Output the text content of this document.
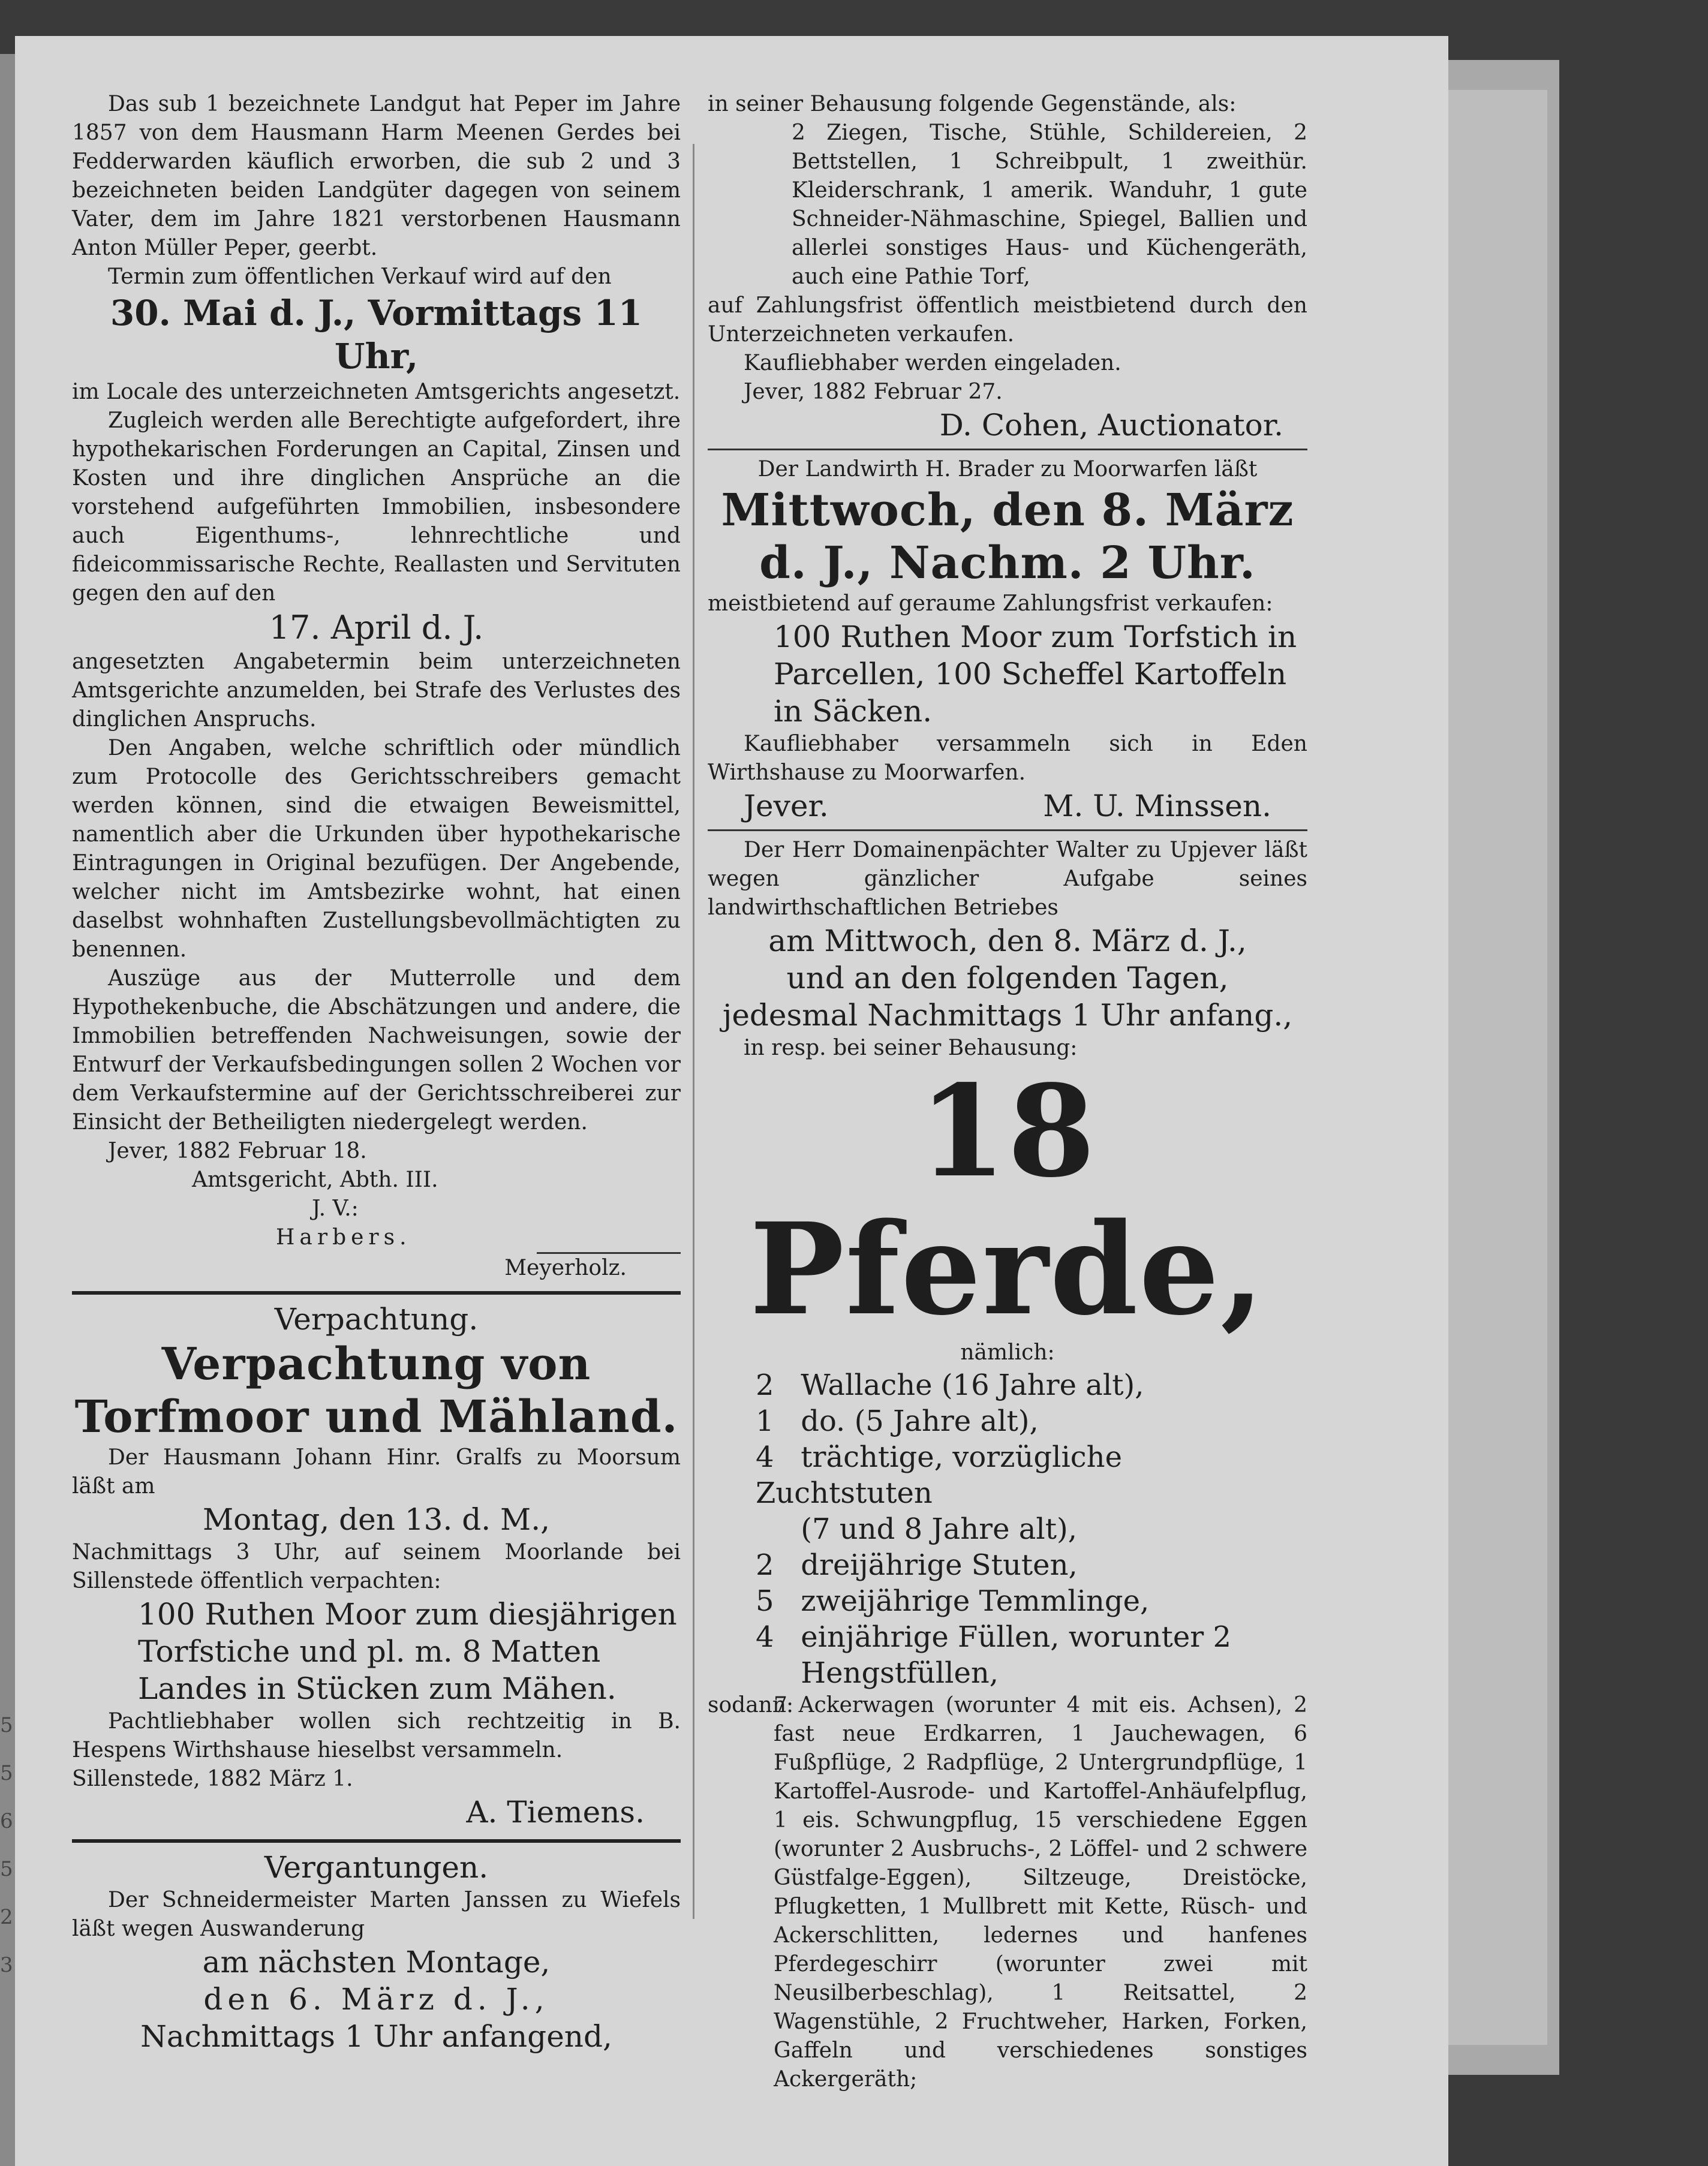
5
5
6
5
2
3

Das sub 1 bezeichnete Landgut hat Peper im Jahre 1857 von dem Hausmann Harm Meenen Gerdes bei Fedderwarden käuflich erworben, die sub 2 und 3 bezeichneten beiden Landgüter dagegen von seinem Vater, dem im Jahre 1821 verstorbenen Hausmann Anton Müller Peper, geerbt.

Termin zum öffentlichen Verkauf wird auf den

30. Mai d. J., Vormittags 11 Uhr,

im Locale des unterzeichneten Amtsgerichts angesetzt.

Zugleich werden alle Berechtigte aufgefordert, ihre hypothekarischen Forderungen an Capital, Zinsen und Kosten und ihre dinglichen Ansprüche an die vorstehend aufgeführten Immobilien, insbesondere auch Eigenthums-, lehnrechtliche und fideicommissarische Rechte, Reallasten und Servituten gegen den auf den

17. April d. J.

angesetzten Angabetermin beim unterzeichneten Amtsgerichte anzumelden, bei Strafe des Verlustes des dinglichen Anspruchs.

Den Angaben, welche schriftlich oder mündlich zum Protocolle des Gerichtsschreibers gemacht werden können, sind die etwaigen Beweismittel, namentlich aber die Urkunden über hypothekarische Eintragungen in Original bezufügen. Der Angebende, welcher nicht im Amtsbezirke wohnt, hat einen daselbst wohnhaften Zustellungsbevollmächtigten zu benennen.

Auszüge aus der Mutterrolle und dem Hypothekenbuche, die Abschätzungen und andere, die Immobilien betreffenden Nachweisungen, sowie der Entwurf der Verkaufsbedingungen sollen 2 Wochen vor dem Verkaufstermine auf der Gerichtsschreiberei zur Einsicht der Betheiligten niedergelegt werden.

Jever, 1882 Februar 18.

Amtsgericht, Abth. III.

J. V.:

Harbers.

Meyerholz.

Verpachtung.

Verpachtung von Torfmoor und Mähland.

Der Hausmann Johann Hinr. Gralfs zu Moorsum läßt am

Montag, den 13. d. M.,

Nachmittags 3 Uhr, auf seinem Moorlande bei Sillenstede öffentlich verpachten:

100 Ruthen Moor zum diesjährigen Torfstiche und pl. m. 8 Matten Landes in Stücken zum Mähen.

Pachtliebhaber wollen sich rechtzeitig in B. Hespens Wirthshause hieselbst versammeln.

Sillenstede, 1882 März 1.

A. Tiemens.

Vergantungen.

Der Schneidermeister Marten Janssen zu Wiefels läßt wegen Auswanderung

am nächsten Montage,

den 6. März d. J.,

Nachmittags 1 Uhr anfangend,

in seiner Behausung folgende Gegenstände, als:

2 Ziegen, Tische, Stühle, Schildereien, 2 Bettstellen, 1 Schreibpult, 1 zweithür. Kleiderschrank, 1 amerik. Wanduhr, 1 gute Schneider-Nähmaschine, Spiegel, Ballien und allerlei sonstiges Haus- und Küchengeräth, auch eine Pathie Torf,

auf Zahlungsfrist öffentlich meistbietend durch den Unterzeichneten verkaufen.

Kaufliebhaber werden eingeladen.

Jever, 1882 Februar 27.

D. Cohen, Auctionator.

Der Landwirth H. Brader zu Moorwarfen läßt

Mittwoch, den 8. März d. J., Nachm. 2 Uhr.

meistbietend auf geraume Zahlungsfrist verkaufen:

100 Ruthen Moor zum Torfstich in Parcellen, 100 Scheffel Kartoffeln in Säcken.

Kaufliebhaber versammeln sich in Eden Wirthshause zu Moorwarfen.

Jever.	M. U. Minssen.

Der Herr Domainenpächter Walter zu Upjever läßt wegen gänzlicher Aufgabe seines landwirthschaftlichen Betriebes

am Mittwoch, den 8. März d. J.,

und an den folgenden Tagen,

jedesmal Nachmittags 1 Uhr anfang.,

in resp. bei seiner Behausung:

18 Pferde,

nämlich:

2 Wallache (16 Jahre alt),

1 do. (5 Jahre alt),

4 trächtige, vorzügliche Zuchtstuten

(7 und 8 Jahre alt),

2 dreijährige Stuten,

5 zweijährige Temmlinge,

4 einjährige Füllen, worunter 2

Hengstfüllen,

sodann:
7 Ackerwagen (worunter 4 mit eis. Achsen), 2 fast neue Erdkarren, 1 Jauchewagen, 6 Fußpflüge, 2 Radpflüge, 2 Untergrundpflüge, 1 Kartoffel-Ausrode- und Kartoffel-Anhäufelpflug, 1 eis. Schwungpflug, 15 verschiedene Eggen (worunter 2 Ausbruchs-, 2 Löffel- und 2 schwere Güstfalge-Eggen), Siltzeuge, Dreistöcke, Pflugketten, 1 Mullbrett mit Kette, Rüsch- und Ackerschlitten, ledernes und hanfenes Pferdegeschirr (worunter zwei mit Neusilberbeschlag), 1 Reitsattel, 2 Wagenstühle, 2 Fruchtweher, Harken, Forken, Gaffeln und verschiedenes sonstiges Ackergeräth;
